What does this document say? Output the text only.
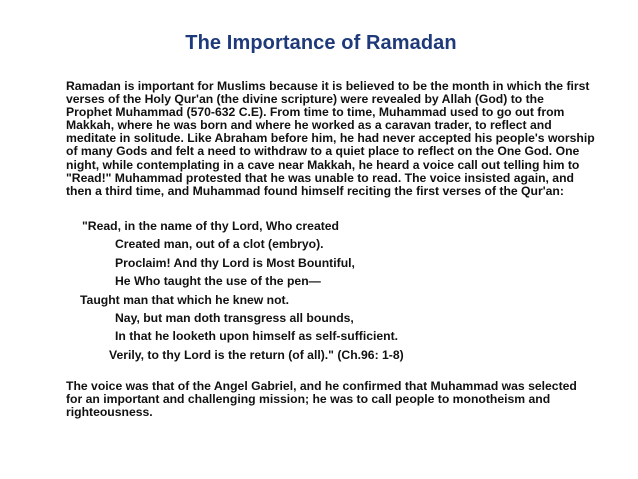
The Importance of Ramadan
Ramadan is important for Muslims because it is believed to be the month in which the first
verses of the Holy Qur'an (the divine scripture) were revealed by Allah (God) to the
Prophet Muhammad (570-632 C.E). From time to time, Muhammad used to go out from
Makkah, where he was born and where he worked as a caravan trader, to reflect and
meditate in solitude. Like Abraham before him, he had never accepted his people's worship
of many Gods and felt a need to withdraw to a quiet place to reflect on the One God. One
night, while contemplating in a cave near Makkah, he heard a voice call out telling him to
"Read!" Muhammad protested that he was unable to read. The voice insisted again, and
then a third time, and Muhammad found himself reciting the first verses of the Qur'an:
"Read, in the name of thy Lord, Who created
Created man, out of a clot (embryo).
Proclaim! And thy Lord is Most Bountiful,
He Who taught the use of the pen—
Taught man that which he knew not.
Nay, but man doth transgress all bounds,
In that he looketh upon himself as self-sufficient.
Verily, to thy Lord is the return (of all)." (Ch.96: 1-8)
The voice was that of the Angel Gabriel, and he confirmed that Muhammad was selected
for an important and challenging mission; he was to call people to monotheism and
righteousness.
